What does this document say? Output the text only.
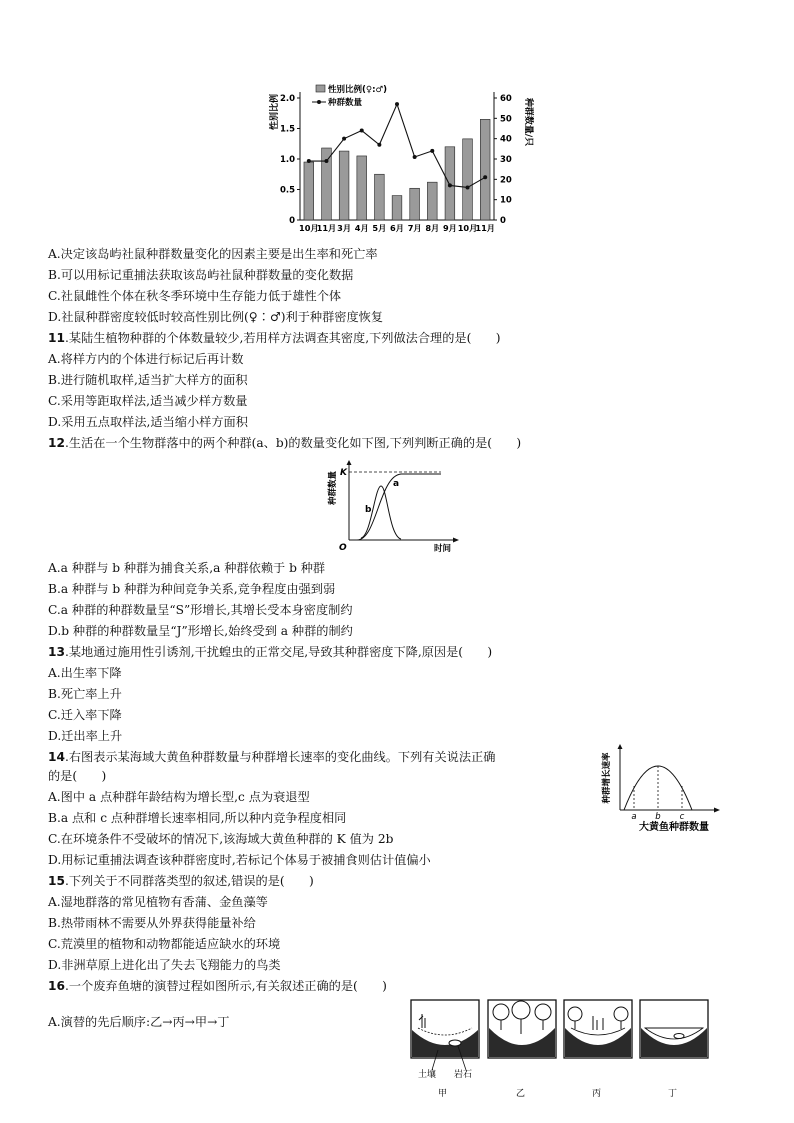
性别比例	种群数量/只
0
0.5
1.0
1.5
2.0
0
10
20
30
40
50
60
10月
11月 3月 4月 5月 6月 7月 8月 9月 10月
11月
性别比例(♀:♂)
种群数量
A.决定该岛屿社鼠种群数量变化的因素主要是出生率和死亡率
B.可以用标记重捕法获取该岛屿社鼠种群数量的变化数据
C.社鼠雌性个体在秋冬季环境中生存能力低于雄性个体
D.社鼠种群密度较低时较高性别比例(♀∶♂)利于种群密度恢复
11.某陆生植物种群的个体数量较少,若用样方法调查其密度,下列做法合理的是(　　)
A.将样方内的个体进行标记后再计数
B.进行随机取样,适当扩大样方的面积
C.采用等距取样法,适当减少样方数量
D.采用五点取样法,适当缩小样方面积
12.生活在一个生物群落中的两个种群(a、b)的数量变化如下图,下列判断正确的是(　　)
K
O
种群数量
时间
a
b
A.a 种群与 b 种群为捕食关系,a 种群依赖于 b 种群
B.a 种群与 b 种群为种间竞争关系,竞争程度由强到弱
C.a 种群的种群数量呈“S”形增长,其增长受本身密度制约
D.b 种群的种群数量呈“J”形增长,始终受到 a 种群的制约
13.某地通过施用性引诱剂,干扰蝗虫的正常交尾,导致其种群密度下降,原因是(　　)
A.出生率下降
B.死亡率上升
C.迁入率下降
D.迁出率上升
14.右图表示某海域大黄鱼种群数量与种群增长速率的变化曲线。下列有关说法正确
的是(　　)
A.图中 a 点种群年龄结构为增长型,c 点为衰退型
B.a 点和 c 点种群增长速率相同,所以种内竞争程度相同
C.在环境条件不受破坏的情况下,该海域大黄鱼种群的 K 值为 2b
D.用标记重捕法调查该种群密度时,若标记个体易于被捕食则估计值偏小
种群增长速率
大黄鱼种群数量
a b c
15.下列关于不同群落类型的叙述,错误的是(　　)
A.湿地群落的常见植物有香蒲、金鱼藻等
B.热带雨林不需要从外界获得能量补给
C.荒漠里的植物和动物都能适应缺水的环境
D.非洲草原上进化出了失去飞翔能力的鸟类
16.一个废弃鱼塘的演替过程如图所示,有关叙述正确的是(　　)
A.演替的先后顺序:乙→丙→甲→丁
土壤 岩石
甲	乙	丙	丁
